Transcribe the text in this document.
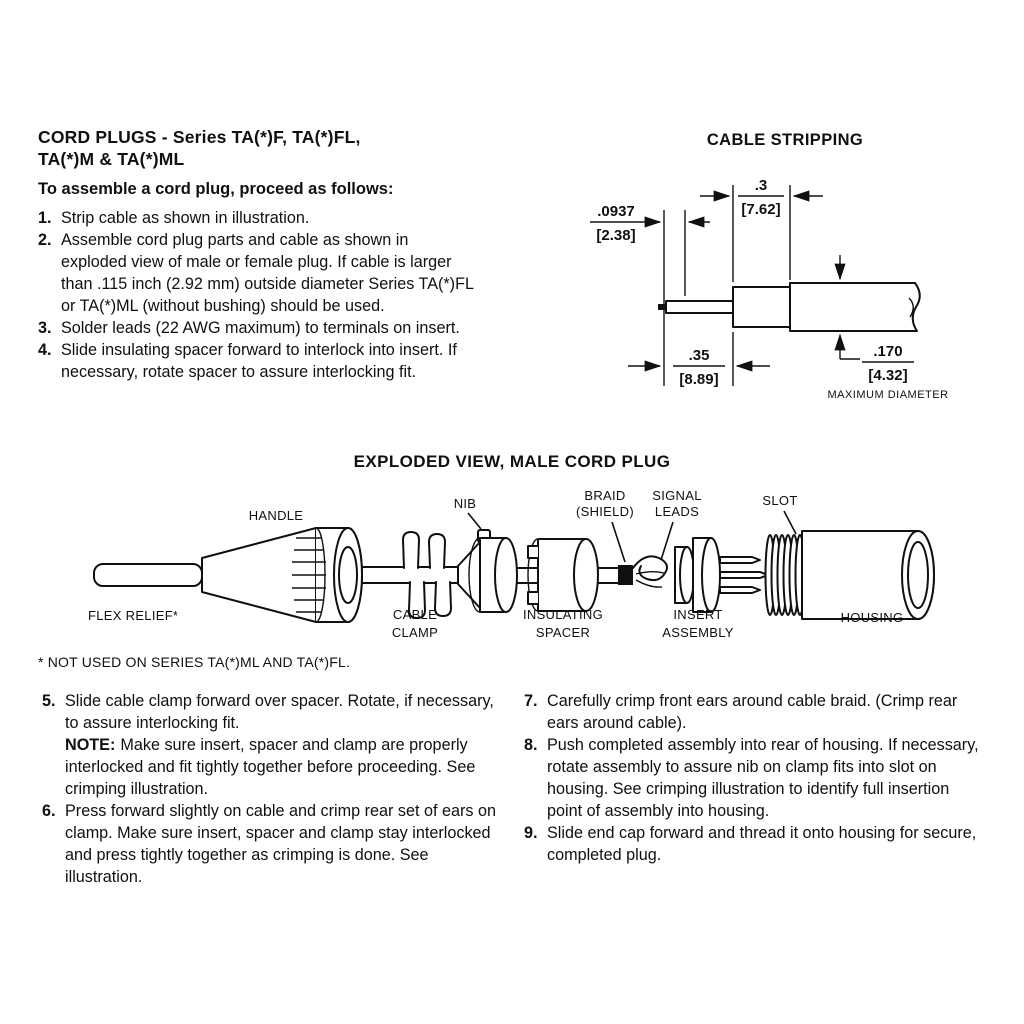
CORD PLUGS - Series TA(*)F, TA(*)FL,
TA(*)M & TA(*)ML
To assemble a cord plug, proceed as follows:
1. Strip cable as shown in illustration.
2. Assemble cord plug parts and cable as shown in exploded view of male or female plug. If cable is larger than .115 inch (2.92 mm) outside diameter Series TA(*)FL or TA(*)ML (without bushing) should be used.
3. Solder leads (22 AWG maximum) to terminals on insert.
4. Slide insulating spacer forward to interlock into insert. If necessary, rotate spacer to assure interlocking fit.
CABLE STRIPPING
.0937
[2.38]
.3
[7.62]
.35
[8.89]
.170
[4.32]
MAXIMUM DIAMETER
EXPLODED VIEW, MALE CORD PLUG
HANDLE
NIB
BRAID
(SHIELD)
SIGNAL
LEADS
SLOT
FLEX RELIEF*	CABLE
CLAMP
INSULATING
SPACER
INSERT
ASSEMBLY
HOUSING
* NOT USED ON SERIES TA(*)ML AND TA(*)FL.
5. Slide cable clamp forward over spacer. Rotate, if necessary, to assure interlocking fit.
NOTE: Make sure insert, spacer and clamp are properly interlocked and fit tightly together before proceeding. See crimping illustration.
6. Press forward slightly on cable and crimp rear set of ears on clamp. Make sure insert, spacer and clamp stay interlocked and press tightly together as crimping is done. See illustration.
7. Carefully crimp front ears around cable braid. (Crimp rear ears around cable).
8. Push completed assembly into rear of housing. If necessary, rotate assembly to assure nib on clamp fits into slot on housing. See crimping illustration to identify full insertion point of assembly into housing.
9. Slide end cap forward and thread it onto housing for secure, completed plug.
